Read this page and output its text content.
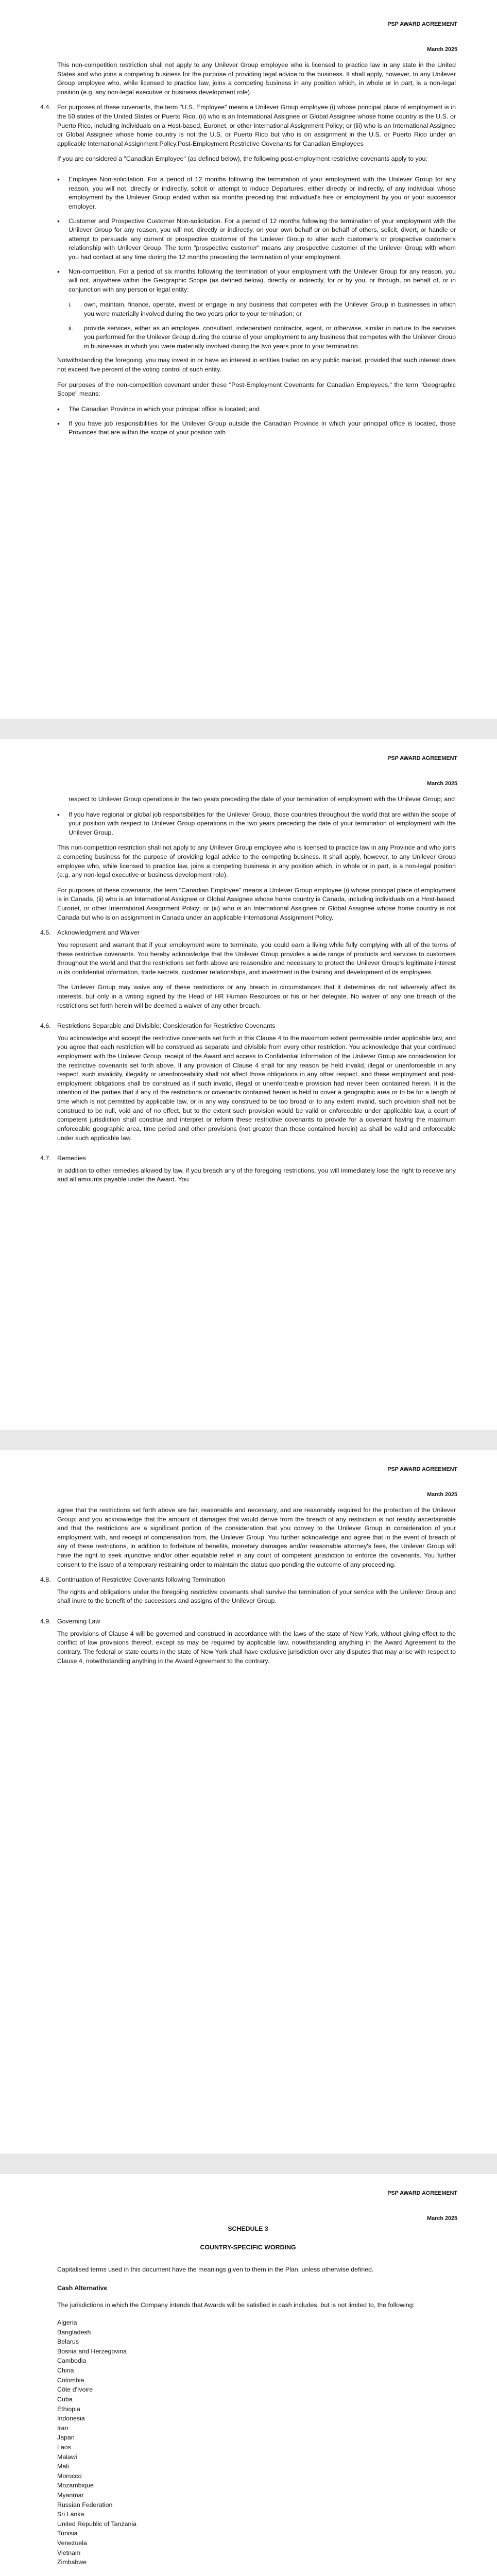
PSP AWARD AGREEMENT
March 2025

This non-competition restriction shall not apply to any Unilever Group employee who is licensed to practice law in any state in the United States and who joins a competing business for the purpose of providing legal advice to the business. It shall apply, however, to any Unilever Group employee who, while licensed to practice law, joins a competing business in any position which, in whole or in part, is a non-legal position (e.g. any non-legal executive or business development role).

4.4. For purposes of these covenants, the term "U.S. Employee" means a Unilever Group employee (i) whose principal place of employment is in the 50 states of the United States or Puerto Rico, (ii) who is an International Assignee or Global Assignee whose home country is the U.S. or Puerto Rico, including individuals on a Host-based, Euronet, or other International Assignment Policy; or (iii) who is an International Assignee or Global Assignee whose home country is not the U.S. or Puerto Rico but who is on assignment in the U.S. or Puerto Rico under an applicable International Assignment Policy.Post-Employment Restrictive Covenants for Canadian Employees

If you are considered a "Canadian Employee" (as defined below), the following post-employment restrictive covenants apply to you:

• Employee Non-solicitation. For a period of 12 months following the termination of your employment with the Unilever Group for any reason, you will not, directly or indirectly, solicit or attempt to induce Departures, either directly or indirectly, of any individual whose employment by the Unilever Group ended within six months preceding that individual's hire or employment by you or your successor employer.
• Customer and Prospective Customer Non-solicitation. For a period of 12 months following the termination of your employment with the Unilever Group for any reason, you will not, directly or indirectly, on your own behalf or on behalf of others, solicit, divert, or handle or attempt to persuade any current or prospective customer of the Unilever Group to alter such customer's or prospective customer's relationship with Unilever Group. The term "prospective customer" means any prospective customer of the Unilever Group with whom you had contact at any time during the 12 months preceding the termination of your employment.
• Non-competition. For a period of six months following the termination of your employment with the Unilever Group for any reason, you will not, anywhere within the Geographic Scope (as defined below), directly or indirectly, for or by you, or through, on behalf of, or in conjunction with any person or legal entity:
i.	own, maintain, finance, operate, invest or engage in any business that competes with the Unilever Group in businesses in which you were materially involved during the two years prior to your termination; or
ii.	provide services, either as an employee, consultant, independent contractor, agent, or otherwise, similar in nature to the services you performed for the Unilever Group during the course of your employment to any business that competes with the Unilever Group in businesses in which you were materially involved during the two years prior to your termination.

Notwithstanding the foregoing, you may invest in or have an interest in entities traded on any public market, provided that such interest does not exceed five percent of the voting control of such entity.

For purposes of the non-competition covenant under these "Post-Employment Covenants for Canadian Employees," the term "Geographic Scope" means:

• The Canadian Province in which your principal office is located; and
• If you have job responsibilities for the Unilever Group outside the Canadian Province in which your principal office is located, those Provinces that are within the scope of your position with
PSP AWARD AGREEMENT
March 2025

respect to Unilever Group operations in the two years preceding the date of your termination of employment with the Unilever Group; and

• If you have regional or global job responsibilities for the Unilever Group, those countries throughout the world that are within the scope of your position with respect to Unilever Group operations in the two years preceding the date of your termination of employment with the Unilever Group.

This non-competition restriction shall not apply to any Unilever Group employee who is licensed to practice law in any Province and who joins a competing business for the purpose of providing legal advice to the competing business. It shall apply, however, to any Unilever Group employee who, while licensed to practice law, joins a competing business in any position which, in whole or in part, is a non-legal position (e.g. any non-legal executive or business development role).

For purposes of these covenants, the term "Canadian Employee" means a Unilever Group employee (i) whose principal place of employment is in Canada, (ii) who is an International Assignee or Global Assignee whose home country is Canada, including individuals on a Host-based, Euronet, or other International Assignment Policy; or (iii) who is an International Assignee or Global Assignee whose home country is not Canada but who is on assignment in Canada under an applicable International Assignment Policy.

4.5. Acknowledgment and Waiver

You represent and warrant that if your employment were to terminate, you could earn a living while fully complying with all of the terms of these restrictive covenants. You hereby acknowledge that the Unilever Group provides a wide range of products and services to customers throughout the world and that the restrictions set forth above are reasonable and necessary to protect the Unilever Group's legitimate interest in its confidential information, trade secrets, customer relationships, and investment in the training and development of its employees.

The Unilever Group may waive any of these restrictions or any breach in circumstances that it determines do not adversely affect its interests, but only in a writing signed by the Head of HR Human Resources or his or her delegate. No waiver of any one breach of the restrictions set forth herein will be deemed a waiver of any other breach.

4.6. Restrictions Separable and Divisible; Consideration for Restrictive Covenants

You acknowledge and accept the restrictive covenants set forth in this Clause 4 to the maximum extent permissible under applicable law, and you agree that each restriction will be construed as separate and divisible from every other restriction. You acknowledge that your continued employment with the Unilever Group, receipt of the Award and access to Confidential Information of the Unilever Group are consideration for the restrictive covenants set forth above. If any provision of Clause 4 shall for any reason be held invalid, illegal or unenforceable in any respect, such invalidity, illegality or unenforceability shall not affect those obligations in any other respect, and these employment and post-employment obligations shall be construed as if such invalid, illegal or unenforceable provision had never been contained herein. It is the intention of the parties that if any of the restrictions or covenants contained herein is held to cover a geographic area or to be for a length of time which is not permitted by applicable law, or in any way construed to be too broad or to any extent invalid, such provision shall not be construed to be null, void and of no effect, but to the extent such provision would be valid or enforceable under applicable law, a court of competent jurisdiction shall construe and interpret or reform these restrictive covenants to provide for a covenant having the maximum enforceable geographic area, time period and other provisions (not greater than those contained herein) as shall be valid and enforceable under such applicable law.

4.7. Remedies

In addition to other remedies allowed by law, if you breach any of the foregoing restrictions, you will immediately lose the right to receive any and all amounts payable under the Award. You

PSP AWARD AGREEMENT
March 2025

agree that the restrictions set forth above are fair, reasonable and necessary, and are reasonably required for the protection of the Unilever Group; and you acknowledge that the amount of damages that would derive from the breach of any restriction is not readily ascertainable and that the restrictions are a significant portion of the consideration that you convey to the Unilever Group in consideration of your employment with, and receipt of compensation from, the Unilever Group. You further acknowledge and agree that in the event of breach of any of these restrictions, in addition to forfeiture of benefits, monetary damages and/or reasonable attorney's fees, the Unilever Group will have the right to seek injunctive and/or other equitable relief in any court of competent jurisdiction to enforce the covenants. You further consent to the issue of a temporary restraining order to maintain the status quo pending the outcome of any proceeding.

4.8. Continuation of Restrictive Covenants following Termination

The rights and obligations under the foregoing restrictive covenants shall survive the termination of your service with the Unilever Group and shall inure to the benefit of the successors and assigns of the Unilever Group.

4.9. Governing Law

The provisions of Clause 4 will be governed and construed in accordance with the laws of the state of New York, without giving effect to the conflict of law provisions thereof, except as may be required by applicable law, notwithstanding anything in the Award Agreement to the contrary. The federal or state courts in the state of New York shall have exclusive jurisdiction over any disputes that may arise with respect to Clause 4, notwithstanding anything in the Award Agreement to the contrary.

PSP AWARD AGREEMENT
March 2025

SCHEDULE 3

COUNTRY-SPECIFIC WORDING

Capitalised terms used in this document have the meanings given to them in the Plan, unless otherwise defined.

Cash Alternative

The jurisdictions in which the Company intends that Awards will be satisfied in cash includes, but is not limited to, the following:

Algeria
Bangladesh
Belarus
Bosnia and Herzegovina
Cambodia
China
Colombia
Côte d'Ivoire
Cuba
Ethiopia
Indonesia
Iran
Japan
Laos
Malawi
Mali
Morocco
Mozambique
Myanmar
Russian Federation
Sri Lanka
United Republic of Tanzania
Tunisia
Venezuela
Vietnam
Zimbabwe
